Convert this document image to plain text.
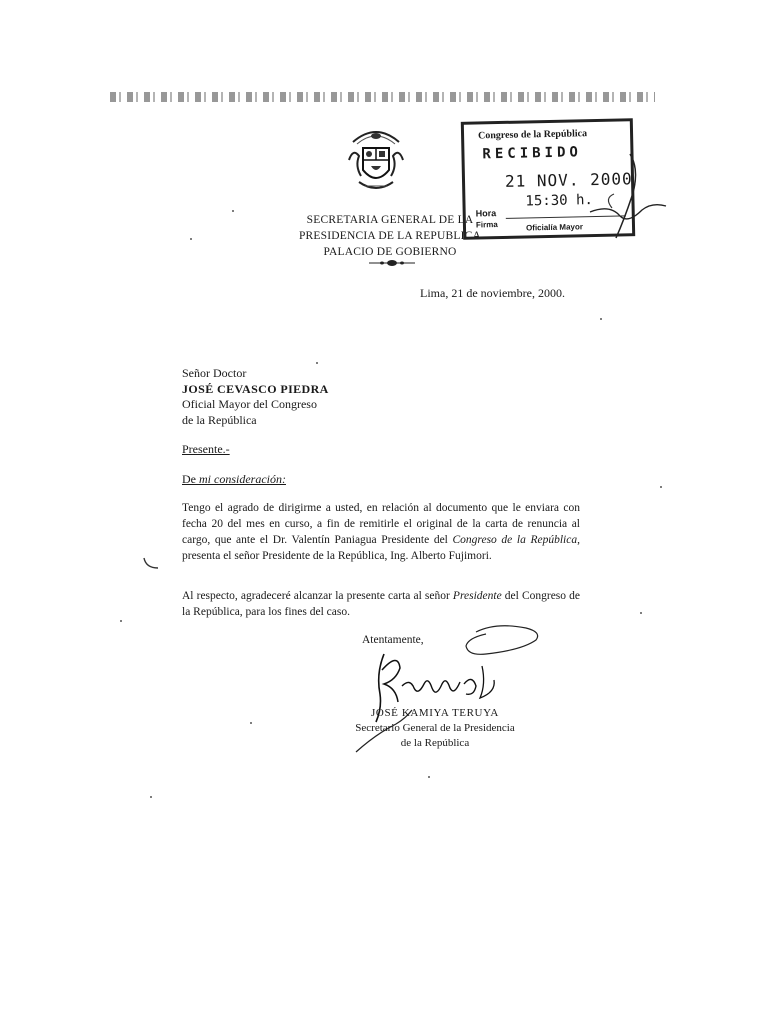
SECRETARIA GENERAL DE LA
PRESIDENCIA DE LA REPUBLICA
PALACIO DE GOBIERNO
Congreso de la República
RECIBIDO
21 NOV. 2000
15:30 h.
Hora
Firma	Oficialía Mayor
Lima, 21 de noviembre, 2000.
Señor Doctor
JOSÉ CEVASCO PIEDRA
Oficial Mayor del Congreso
de la República
Presente.-
De mi consideración:
Tengo el agrado de dirigirme a usted, en relación al documento que le enviara con fecha 20 del mes en curso, a fin de remitirle el original de la carta de renuncia al cargo, que ante el Dr. Valentín Paniagua Presidente del Congreso de la República, presenta el señor Presidente de la República, Ing. Alberto Fujimori.
Al respecto, agradeceré alcanzar la presente carta al señor Presidente del Congreso de la República, para los fines del caso.
Atentamente,
JOSÉ KAMIYA TERUYA
Secretario General de la Presidencia
de la República
